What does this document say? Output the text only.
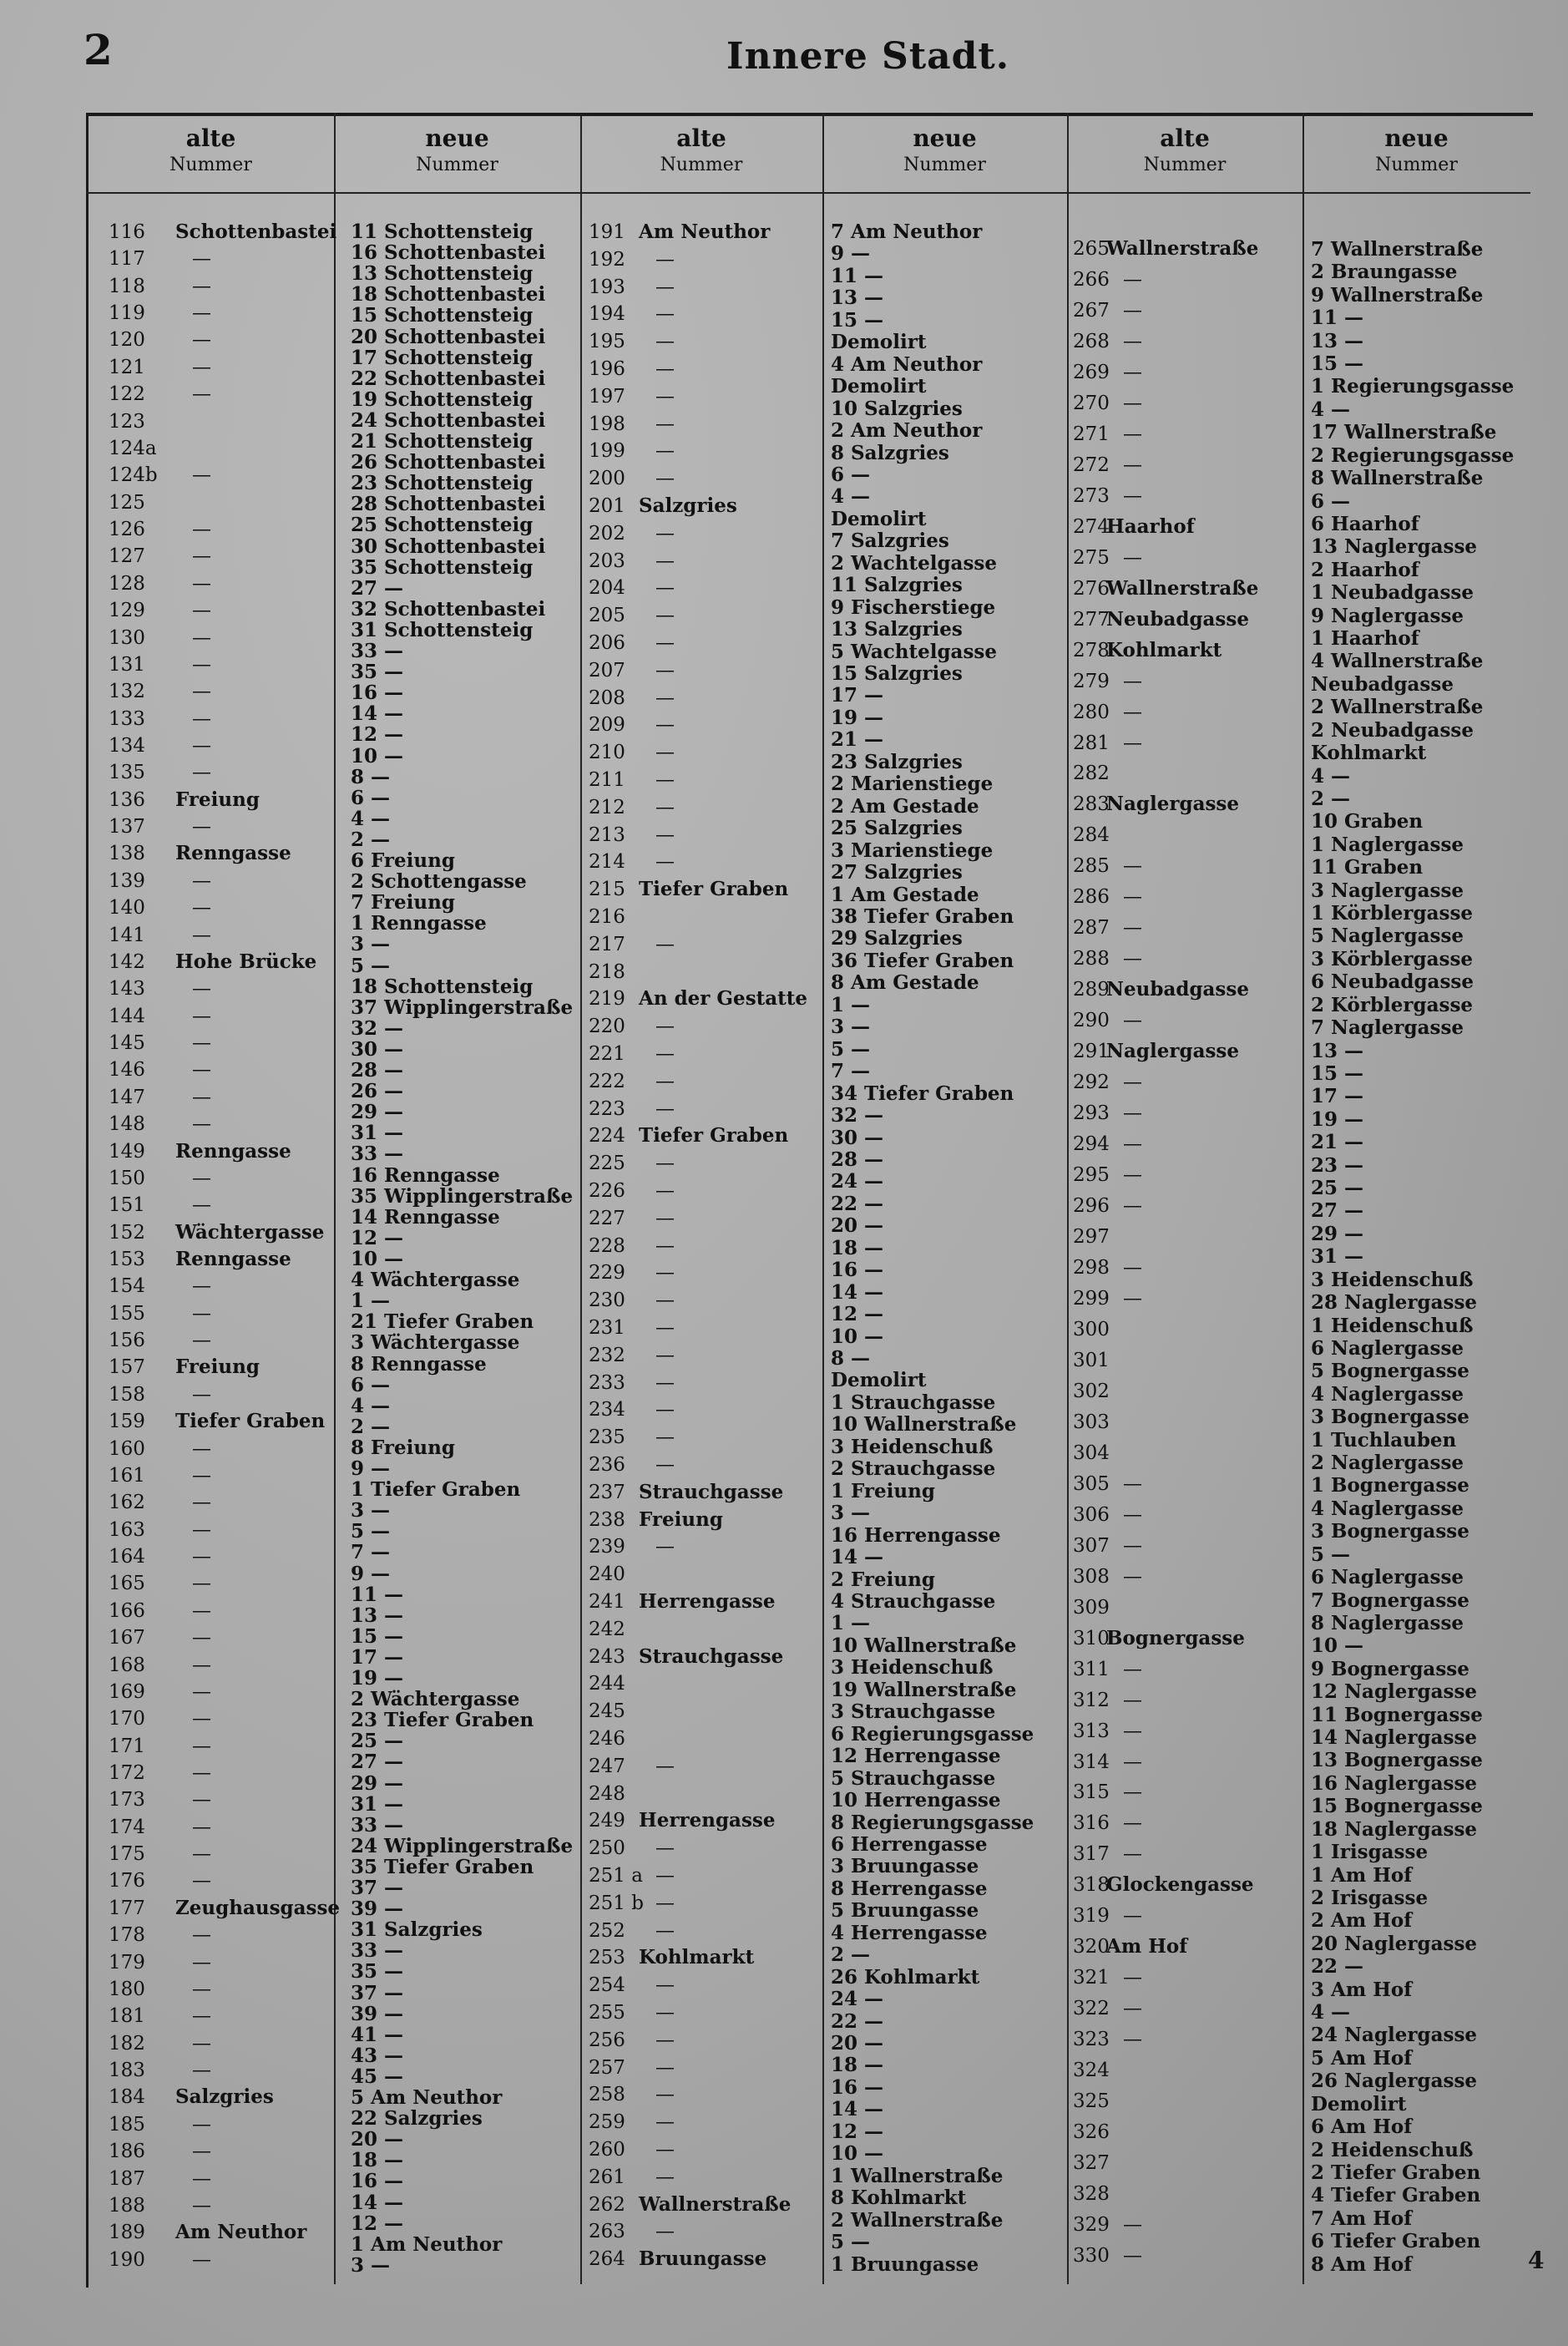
2	Innere Stadt.
alte
Nummer
neue
Nummer
alte
Nummer
neue
Nummer
alte
Nummer
neue
Nummer
116 Schottenbastei
117 —
118 —
119 —
120 —
121 —
122 —
123
124a
124b —
125
126 —
127 —
128 —
129 —
130 —
131 —
132 —
133 —
134 —
135 —
136 Freiung
137 —
138 Renngasse
139 —
140 —
141 —
142 Hohe Brücke
143 —
144 —
145 —
146 —
147 —
148 —
149 Renngasse
150 —
151 —
152 Wächtergasse
153 Renngasse
154 —
155 —
156 —
157 Freiung
158 —
159 Tiefer Graben
160 —
161 —
162 —
163 —
164 —
165 —
166 —
167 —
168 —
169 —
170 —
171 —
172 —
173 —
174 —
175 —
176 —
177 Zeughausgasse
178 —
179 —
180 —
181 —
182 —
183 —
184 Salzgries
185 —
186 —
187 —
188 —
189 Am Neuthor
190 —
11 Schottensteig
16 Schottenbastei
13 Schottensteig
18 Schottenbastei
15 Schottensteig
20 Schottenbastei
17 Schottensteig
22 Schottenbastei
19 Schottensteig
24 Schottenbastei
21 Schottensteig
26 Schottenbastei
23 Schottensteig
28 Schottenbastei
25 Schottensteig
30 Schottenbastei
35 Schottensteig
27 —
32 Schottenbastei
31 Schottensteig
33 —
35 —
16 —
14 —
12 —
10 —
8 —
6 —
4 —
2 —
6 Freiung
2 Schottengasse
7 Freiung
1 Renngasse
3 —
5 —
18 Schottensteig
37 Wipplingerstraße
32 —
30 —
28 —
26 —
29 —
31 —
33 —
16 Renngasse
35 Wipplingerstraße
14 Renngasse
12 —
10 —
4 Wächtergasse
1 —
21 Tiefer Graben
3 Wächtergasse
8 Renngasse
6 —
4 —
2 —
8 Freiung
9 —
1 Tiefer Graben
3 —
5 —
7 —
9 —
11 —
13 —
15 —
17 —
19 —
2 Wächtergasse
23 Tiefer Graben
25 —
27 —
29 —
31 —
33 —
24 Wipplingerstraße
35 Tiefer Graben
37 —
39 —
31 Salzgries
33 —
35 —
37 —
39 —
41 —
43 —
45 —
5 Am Neuthor
22 Salzgries
20 —
18 —
16 —
14 —
12 —
1 Am Neuthor
3 —
191 Am Neuthor
192 —
193 —
194 —
195 —
196 —
197 —
198 —
199 —
200 —
201 Salzgries
202 —
203 —
204 —
205 —
206 —
207 —
208 —
209 —
210 —
211 —
212 —
213 —
214 —
215 Tiefer Graben
216
217 —
218
219 An der Gestatte
220 —
221 —
222 —
223 —
224 Tiefer Graben
225 —
226 —
227 —
228 —
229 —
230 —
231 —
232 —
233 —
234 —
235 —
236 —
237 Strauchgasse
238 Freiung
239 —
240
241 Herrengasse
242
243 Strauchgasse
244
245
246
247 —
248
249 Herrengasse
250 —
251 a —
251 b —
252 —
253 Kohlmarkt
254 —
255 —
256 —
257 —
258 —
259 —
260 —
261 —
262 Wallnerstraße
263 —
264 Bruungasse
7 Am Neuthor
9 —
11 —
13 —
15 —
Demolirt
4 Am Neuthor
Demolirt
10 Salzgries
2 Am Neuthor
8 Salzgries
6 —
4 —
Demolirt
7 Salzgries
2 Wachtelgasse
11 Salzgries
9 Fischerstiege
13 Salzgries
5 Wachtelgasse
15 Salzgries
17 —
19 —
21 —
23 Salzgries
2 Marienstiege
2 Am Gestade
25 Salzgries
3 Marienstiege
27 Salzgries
1 Am Gestade
38 Tiefer Graben
29 Salzgries
36 Tiefer Graben
8 Am Gestade
1 —
3 —
5 —
7 —
34 Tiefer Graben
32 —
30 —
28 —
24 —
22 —
20 —
18 —
16 —
14 —
12 —
10 —
8 —
Demolirt
1 Strauchgasse
10 Wallnerstraße
3 Heidenschuß
2 Strauchgasse
1 Freiung
3 —
16 Herrengasse
14 —
2 Freiung
4 Strauchgasse
1 —
10 Wallnerstraße
3 Heidenschuß
19 Wallnerstraße
3 Strauchgasse
6 Regierungsgasse
12 Herrengasse
5 Strauchgasse
10 Herrengasse
8 Regierungsgasse
6 Herrengasse
3 Bruungasse
8 Herrengasse
5 Bruungasse
4 Herrengasse
2 —
26 Kohlmarkt
24 —
22 —
20 —
18 —
16 —
14 —
12 —
10 —
1 Wallnerstraße
8 Kohlmarkt
2 Wallnerstraße
5 —
1 Bruungasse
265
Wallnerstraße
266 —
267 —
268 —
269 —
270 —
271 —
272 —
273 —
274
Haarhof
275 —
276
Wallnerstraße
277
Neubadgasse
278
Kohlmarkt
279 —
280 —
281 —
282
283
Naglergasse
284
285 —
286 —
287 —
288 —
289
Neubadgasse
290 —
291
Naglergasse
292 —
293 —
294 —
295 —
296 —
297
298 —
299 —
300
301
302
303
304
305 —
306 —
307 —
308 —
309
310
Bognergasse
311 —
312 —
313 —
314 —
315 —
316 —
317 —
318
Glockengasse
319 —
320
Am Hof
321 —
322 —
323 —
324
325
326
327
328
329 —
330 —
7 Wallnerstraße
2 Braungasse
9 Wallnerstraße
11 —
13 —
15 —
1 Regierungsgasse
4 —
17 Wallnerstraße
2 Regierungsgasse
8 Wallnerstraße
6 —
6 Haarhof
13 Naglergasse
2 Haarhof
1 Neubadgasse
9 Naglergasse
1 Haarhof
4 Wallnerstraße
Neubadgasse
2 Wallnerstraße
2 Neubadgasse
Kohlmarkt
4 —
2 —
10 Graben
1 Naglergasse
11 Graben
3 Naglergasse
1 Körblergasse
5 Naglergasse
3 Körblergasse
6 Neubadgasse
2 Körblergasse
7 Naglergasse
13 —
15 —
17 —
19 —
21 —
23 —
25 —
27 —
29 —
31 —
3 Heidenschuß
28 Naglergasse
1 Heidenschuß
6 Naglergasse
5 Bognergasse
4 Naglergasse
3 Bognergasse
1 Tuchlauben
2 Naglergasse
1 Bognergasse
4 Naglergasse
3 Bognergasse
5 —
6 Naglergasse
7 Bognergasse
8 Naglergasse
10 —
9 Bognergasse
12 Naglergasse
11 Bognergasse
14 Naglergasse
13 Bognergasse
16 Naglergasse
15 Bognergasse
18 Naglergasse
1 Irisgasse
1 Am Hof
2 Irisgasse
2 Am Hof
20 Naglergasse
22 —
3 Am Hof
4 —
24 Naglergasse
5 Am Hof
26 Naglergasse
Demolirt
6 Am Hof
2 Heidenschuß
2 Tiefer Graben
4 Tiefer Graben
7 Am Hof
6 Tiefer Graben
8 Am Hof	4
